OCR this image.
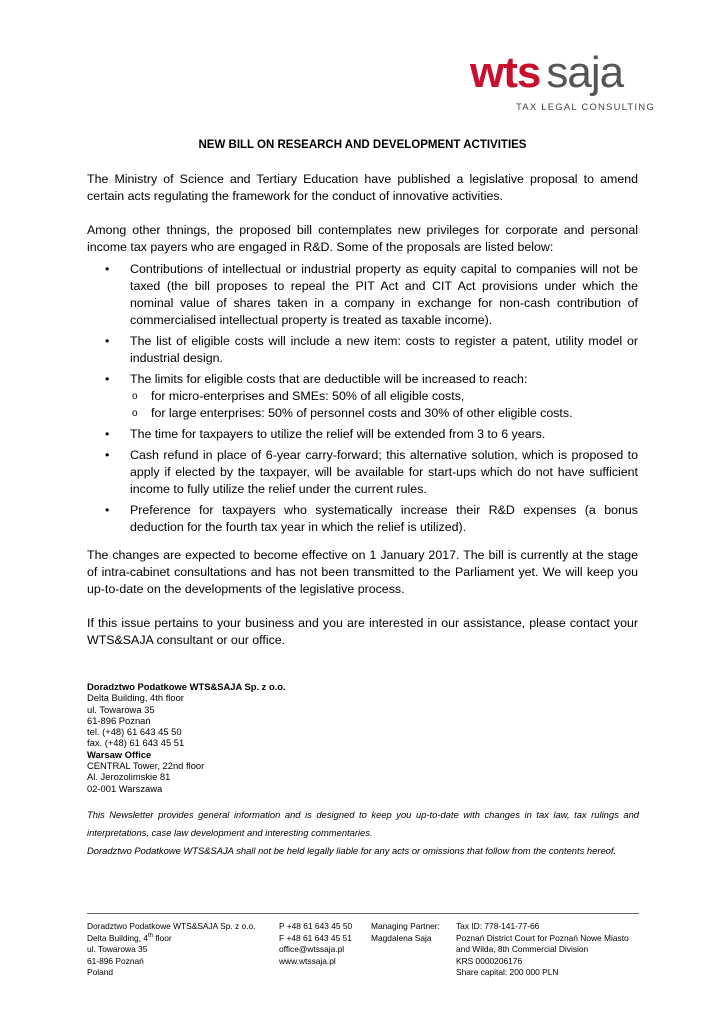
wts saja
TAX LEGAL CONSULTING
NEW BILL ON RESEARCH AND DEVELOPMENT ACTIVITIES

The Ministry of Science and Tertiary Education have published a legislative proposal to amend certain acts regulating the framework for the conduct of innovative activities.

Among other thnings, the proposed bill contemplates new privileges for corporate and personal income tax payers who are engaged in R&D. Some of the proposals are listed below:

• Contributions of intellectual or industrial property as equity capital to companies will not be taxed (the bill proposes to repeal the PIT Act and CIT Act provisions under which the nominal value of shares taken in a company in exchange for non-cash contribution of commercialised intellectual property is treated as taxable income).
• The list of eligible costs will include a new item: costs to register a patent, utility model or industrial design.
• The limits for eligible costs that are deductible will be increased to reach:
o for micro-enterprises and SMEs: 50% of all eligible costs,
o for large enterprises: 50% of personnel costs and 30% of other eligible costs.
• The time for taxpayers to utilize the relief will be extended from 3 to 6 years.
• Cash refund in place of 6-year carry-forward; this alternative solution, which is proposed to apply if elected by the taxpayer, will be available for start-ups which do not have sufficient income to fully utilize the relief under the current rules.
• Preference for taxpayers who systematically increase their R&D expenses (a bonus deduction for the fourth tax year in which the relief is utilized).

The changes are expected to become effective on 1 January 2017. The bill is currently at the stage of intra-cabinet consultations and has not been transmitted to the Parliament yet. We will keep you up-to-date on the developments of the legislative process.

If this issue pertains to your business and you are interested in our assistance, please contact your WTS&SAJA consultant or our office.

Doradztwo Podatkowe WTS&SAJA Sp. z o.o.
Delta Building, 4th floor
ul. Towarowa 35
61-896 Poznań
tel. (+48) 61 643 45 50
fax. (+48) 61 643 45 51
Warsaw Office
CENTRAL Tower, 22nd floor
Al. Jerozolimskie 81
02-001 Warszawa
This Newsletter provides general information and is designed to keep you up-to-date with changes in tax law, tax rulings and interpretations, case law development and interesting commentaries.
Doradztwo Podatkowe WTS&SAJA shall not be held legally liable for any acts or omissions that follow from the contents hereof.
Doradztwo Podatkowe WTS&SAJA Sp. z o.o.
Delta Building, 4th floor
ul. Towarowa 35
61-896 Poznań
Poland
P +48 61 643 45 50
F +48 61 643 45 51
office@wtssaja.pl
www.wtssaja.pl
Managing Partner:
Magdalena Saja
Tax ID: 778-141-77-66
Poznań District Court for Poznań Nowe Miasto
and Wilda, 8th Commercial Division
KRS 0000206176
Share capital: 200 000 PLN
